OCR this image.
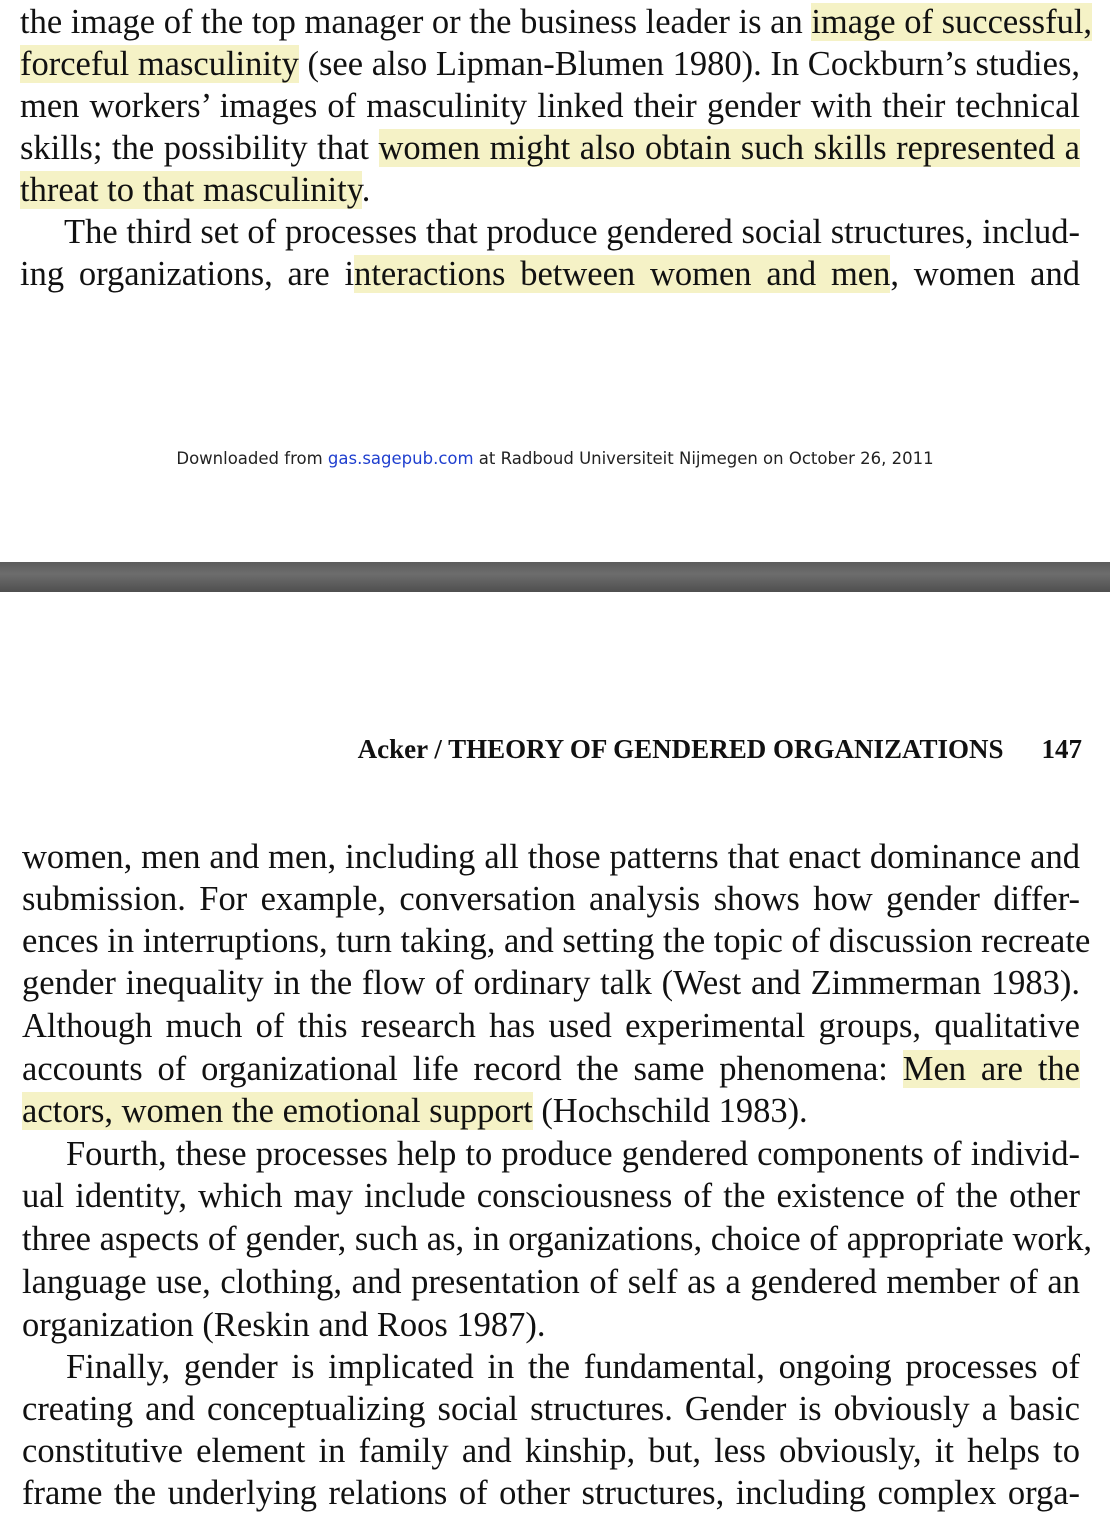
the image of the top manager or the business leader is an image of successful,
forceful masculinity (see also Lipman-Blumen 1980). In Cockburn’s studies,
men workers’ images of masculinity linked their gender with their technical
skills; the possibility that women might also obtain such skills represented a
threat to that masculinity.
The third set of processes that produce gendered social structures, includ-
ing organizations, are interactions between women and men, women and
Downloaded from gas.sagepub.com at Radboud Universiteit Nijmegen on October 26, 2011
Acker / THEORY OF GENDERED ORGANIZATIONS 147
women, men and men, including all those patterns that enact dominance and
submission. For example, conversation analysis shows how gender differ-
ences in interruptions, turn taking, and setting the topic of discussion recreate
gender inequality in the flow of ordinary talk (West and Zimmerman 1983).
Although much of this research has used experimental groups, qualitative
accounts of organizational life record the same phenomena: Men are the
actors, women the emotional support (Hochschild 1983).
Fourth, these processes help to produce gendered components of individ-
ual identity, which may include consciousness of the existence of the other
three aspects of gender, such as, in organizations, choice of appropriate work,
language use, clothing, and presentation of self as a gendered member of an
organization (Reskin and Roos 1987).
Finally, gender is implicated in the fundamental, ongoing processes of
creating and conceptualizing social structures. Gender is obviously a basic
constitutive element in family and kinship, but, less obviously, it helps to
frame the underlying relations of other structures, including complex orga-
